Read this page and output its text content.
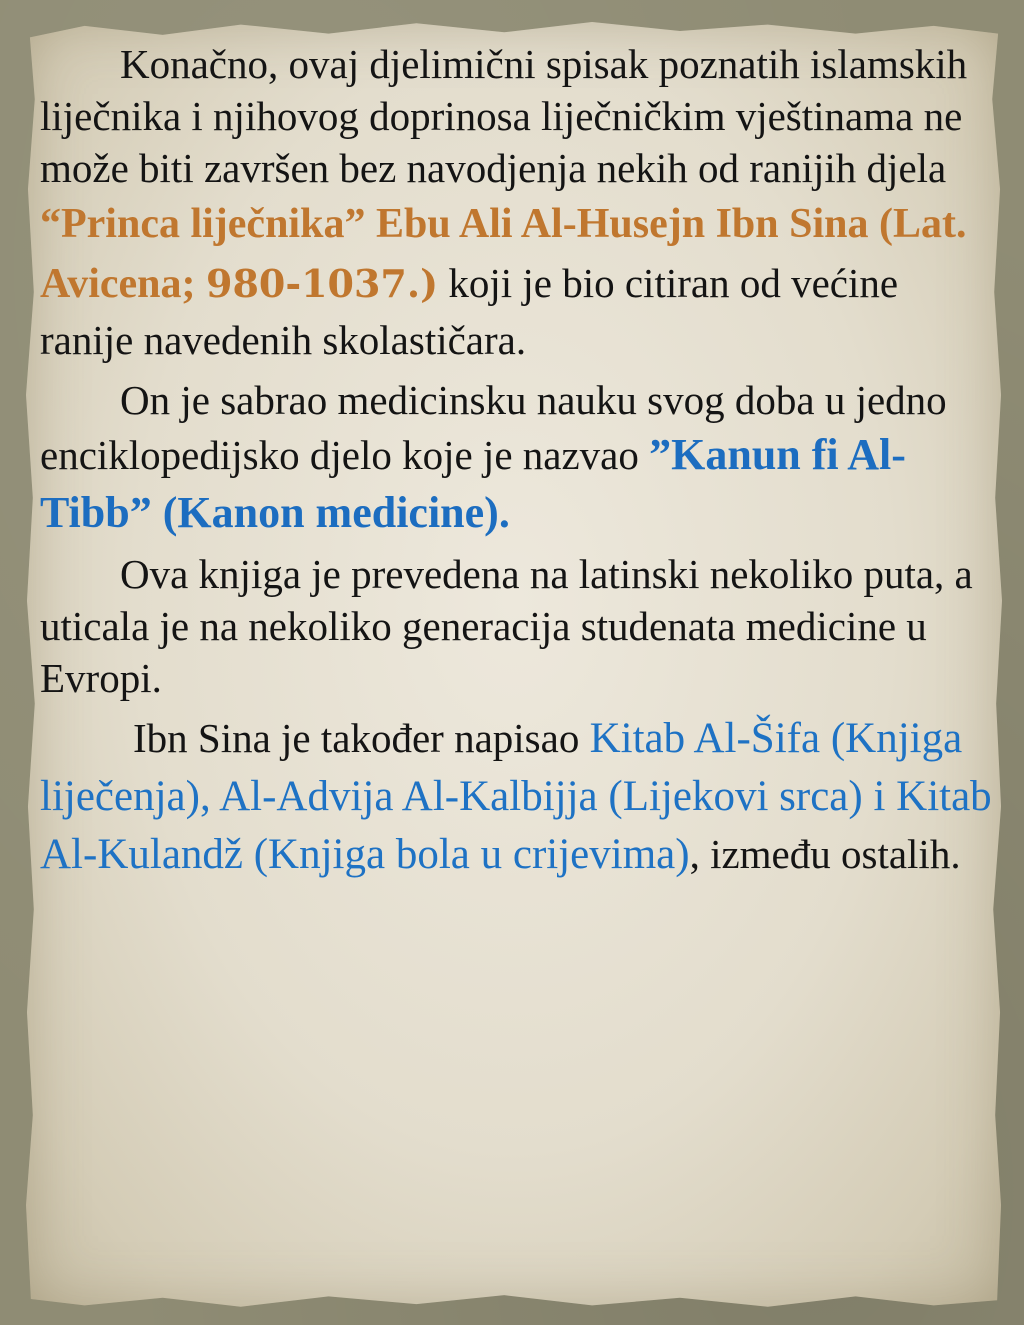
Konačno, ovaj djelimični spisak poznatih islamskih liječnika i njihovog doprinosa liječničkim vještinama ne može biti završen bez navodjenja nekih od ranijih djela “Princa liječnika” Ebu Ali Al-Husejn Ibn Sina (Lat. Avicena; 980-1037.) koji je bio citiran od većine ranije navedenih skolastičara.

On je sabrao medicinsku nauku svog doba u jedno enciklopedijsko djelo koje je nazvao ”Kanun fi Al-Tibb” (Kanon medicine).

Ova knjiga je prevedena na latinski nekoliko puta, a uticala je na nekoliko generacija studenata medicine u Evropi.

Ibn Sina je također napisao Kitab Al-Šifa (Knjiga liječenja), Al-Advija Al-Kalbijja (Lijekovi srca) i Kitab Al-Kulandž (Knjiga bola u crijevima), između ostalih.
